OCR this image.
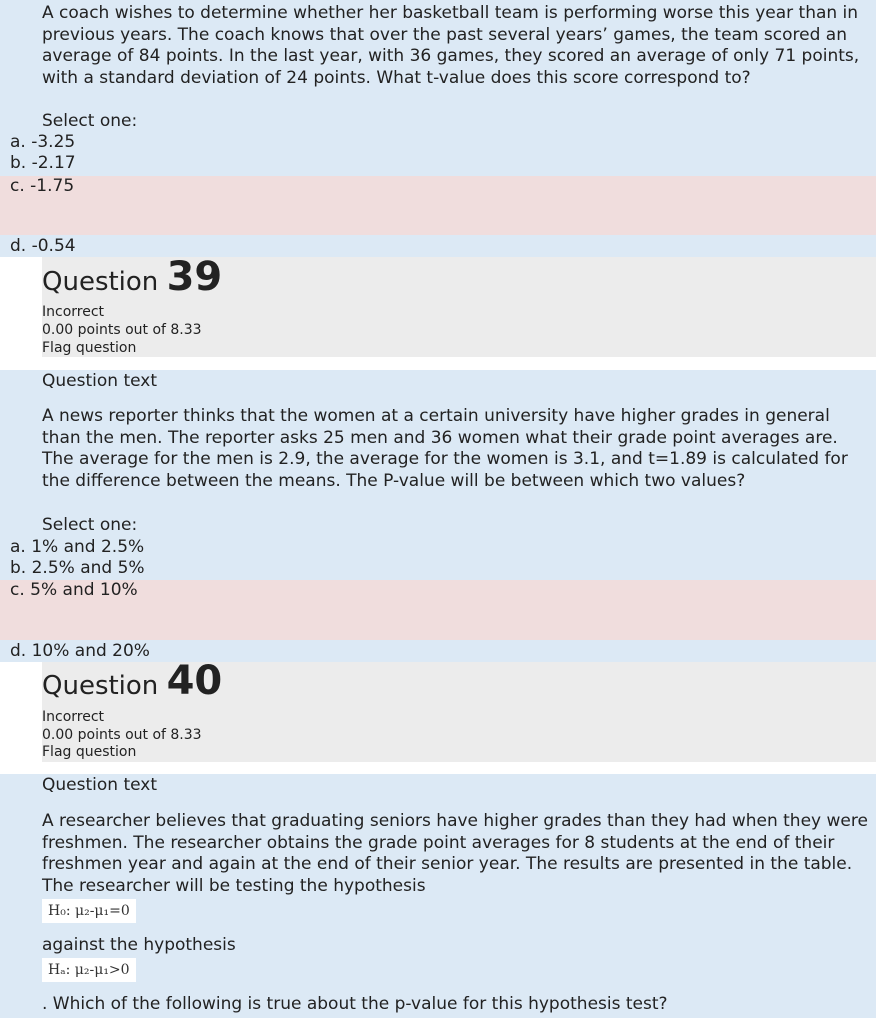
A coach wishes to determine whether her basketball team is performing worse this year than in previous years. The coach knows that over the past several years’ games, the team scored an average of 84 points. In the last year, with 36 games, they scored an average of only 71 points, with a standard deviation of 24 points. What t-value does this score correspond to?
Select one:
a. -3.25
b. -2.17
c. -1.75
d. -0.54
Question 39
Incorrect
0.00 points out of 8.33
Flag question
Question text
A news reporter thinks that the women at a certain university have higher grades in general than the men. The reporter asks 25 men and 36 women what their grade point averages are. The average for the men is 2.9, the average for the women is 3.1, and t=1.89 is calculated for the difference between the means. The P-value will be between which two values?
Select one:
a. 1% and 2.5%
b. 2.5% and 5%
c. 5% and 10%
d. 10% and 20%
Question 40
Incorrect
0.00 points out of 8.33
Flag question
Question text
A researcher believes that graduating seniors have higher grades than they had when they were freshmen. The researcher obtains the grade point averages for 8 students at the end of their freshmen year and again at the end of their senior year. The results are presented in the table. The researcher will be testing the hypothesis
H₀: μ₂-μ₁=0
against the hypothesis
Hₐ: μ₂-μ₁>0
. Which of the following is true about the p-value for this hypothesis test?
